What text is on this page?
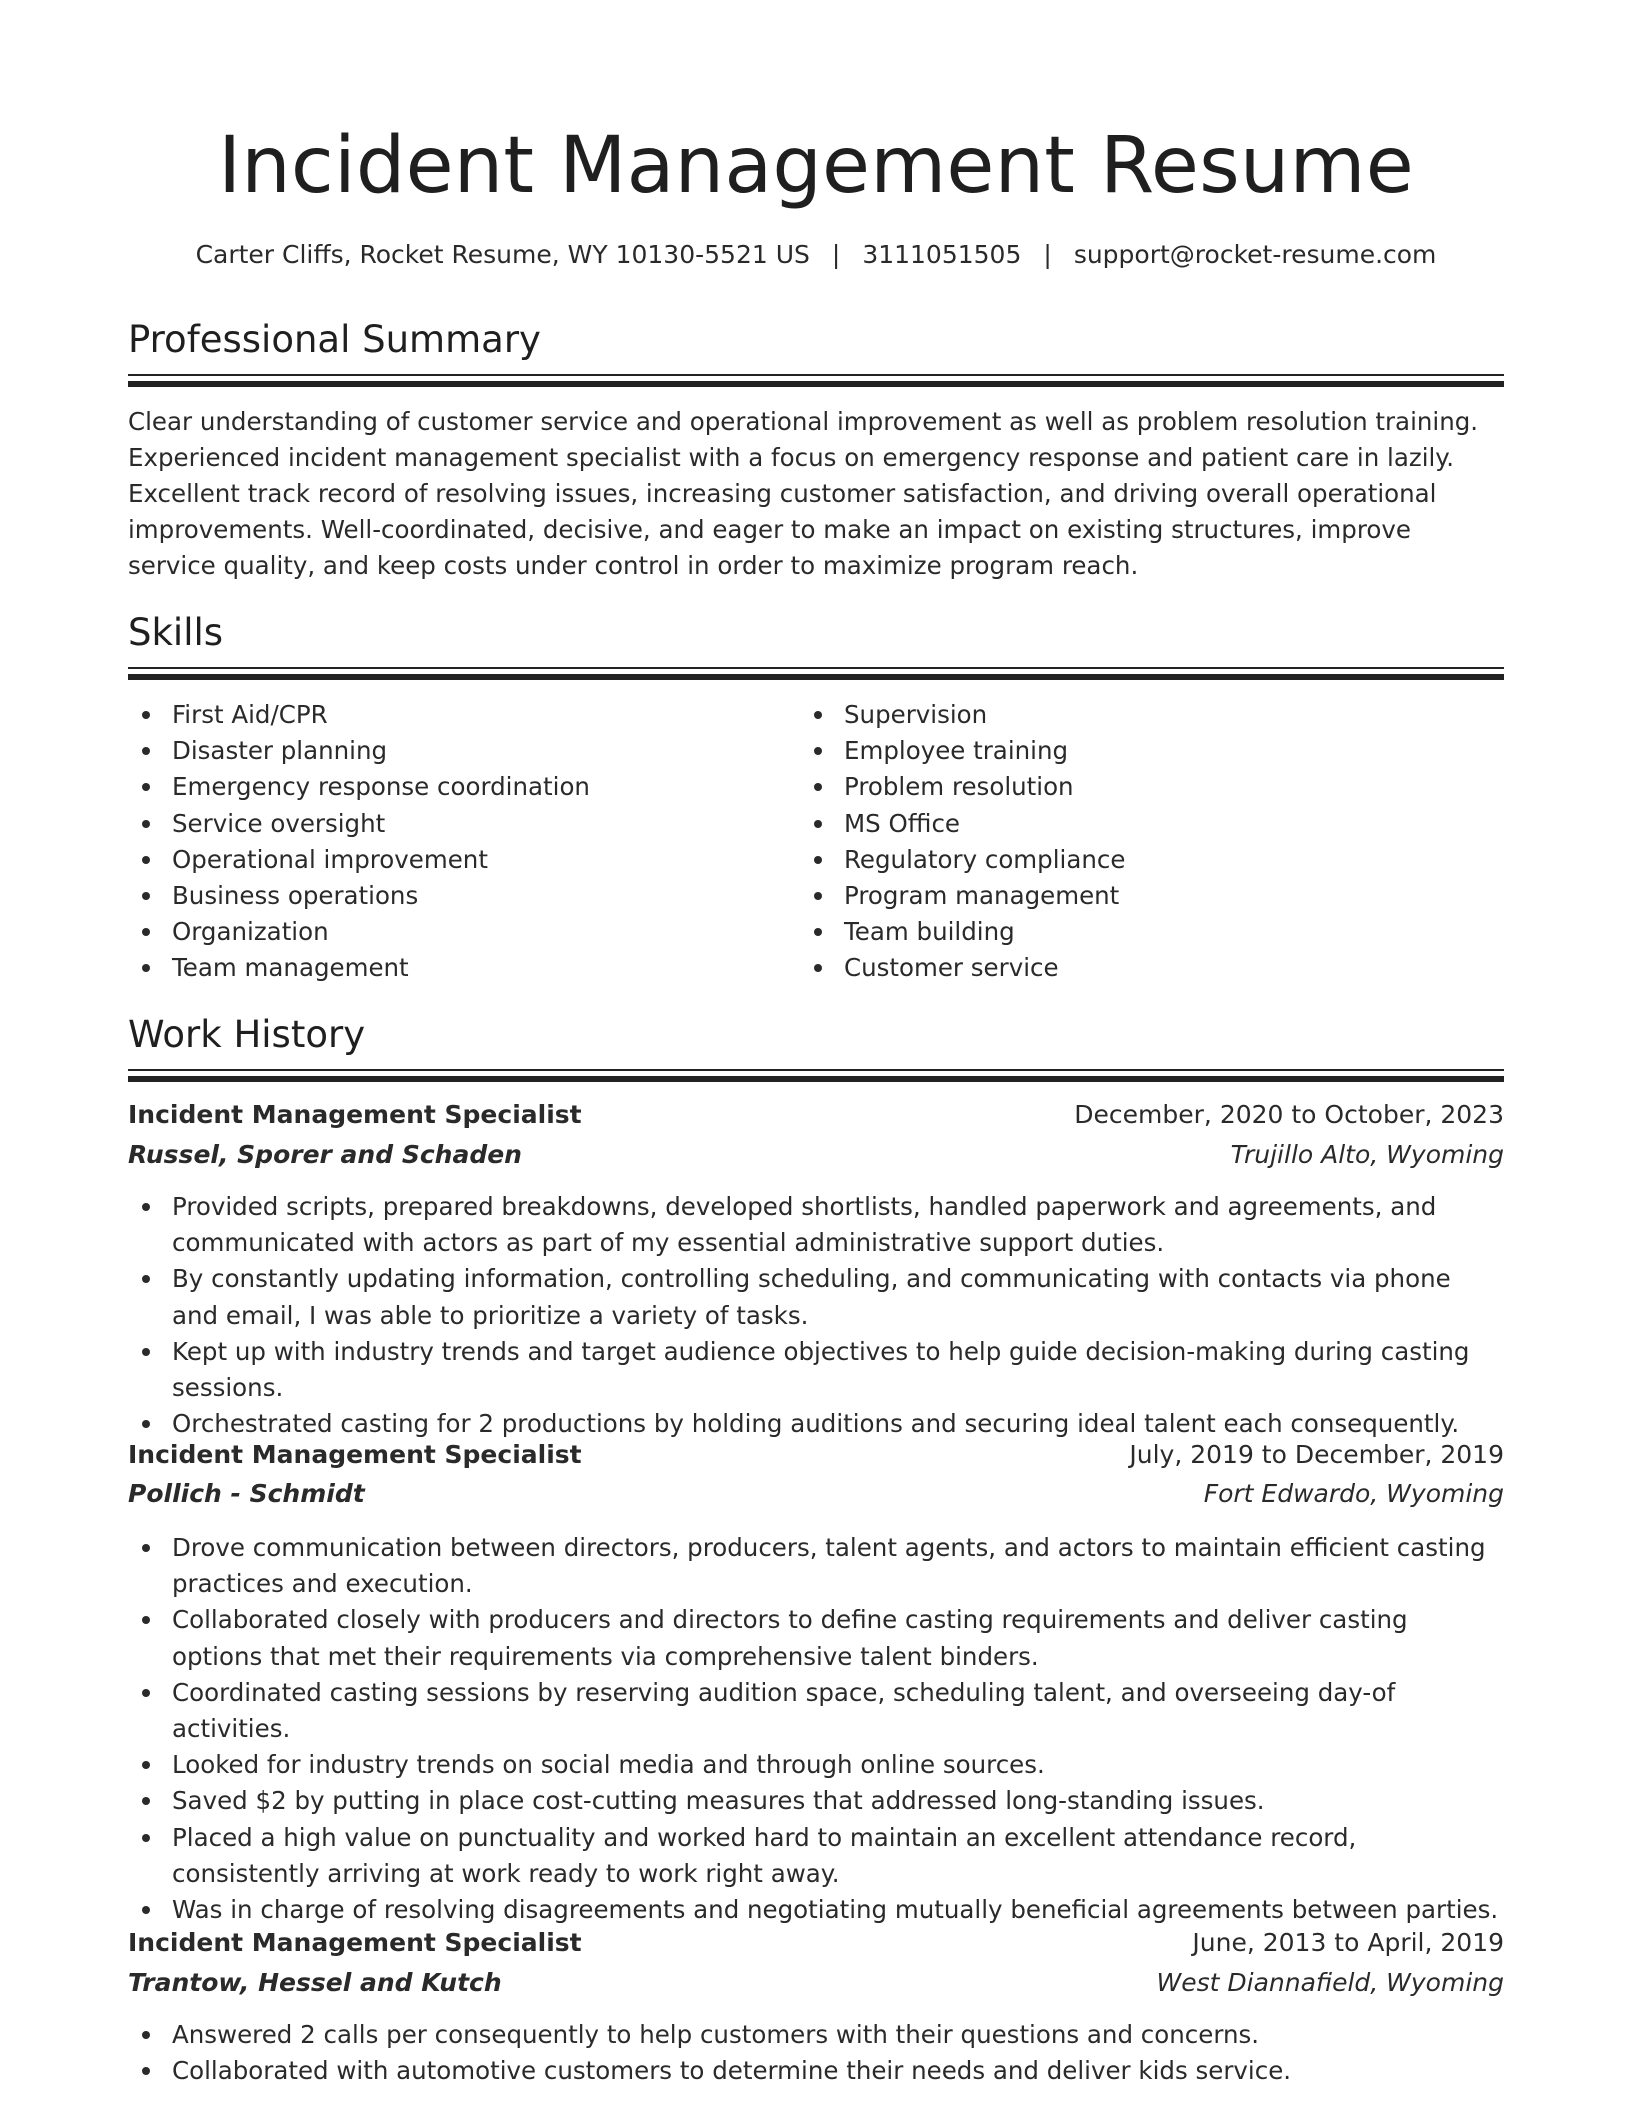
Incident Management Resume
Carter Cliffs, Rocket Resume, WY 10130-5521 US | 3111051505 | support@rocket-resume.com
Professional Summary

Clear understanding of customer service and operational improvement as well as problem resolution training. Experienced incident management specialist with a focus on emergency response and patient care in lazily. Excellent track record of resolving issues, increasing customer satisfaction, and driving overall operational improvements. Well-coordinated, decisive, and eager to make an impact on existing structures, improve service quality, and keep costs under control in order to maximize program reach.

Skills
First Aid/CPR
Disaster planning
Emergency response coordination
Service oversight
Operational improvement
Business operations
Organization
Team management
Supervision
Employee training
Problem resolution
MS Office
Regulatory compliance
Program management
Team building
Customer service
Work History
Incident Management Specialist	December, 2020 to October, 2023
Russel, Sporer and Schaden	Trujillo Alto, Wyoming
Provided scripts, prepared breakdowns, developed shortlists, handled paperwork and agreements, and communicated with actors as part of my essential administrative support duties.
By constantly updating information, controlling scheduling, and communicating with contacts via phone and email, I was able to prioritize a variety of tasks.
Kept up with industry trends and target audience objectives to help guide decision-making during casting sessions.
Orchestrated casting for 2 productions by holding auditions and securing ideal talent each consequently.
Incident Management Specialist	July, 2019 to December, 2019
Pollich - Schmidt	Fort Edwardo, Wyoming
Drove communication between directors, producers, talent agents, and actors to maintain efficient casting practices and execution.
Collaborated closely with producers and directors to define casting requirements and deliver casting options that met their requirements via comprehensive talent binders.
Coordinated casting sessions by reserving audition space, scheduling talent, and overseeing day-of activities.
Looked for industry trends on social media and through online sources.
Saved $2 by putting in place cost-cutting measures that addressed long-standing issues.
Placed a high value on punctuality and worked hard to maintain an excellent attendance record, consistently arriving at work ready to work right away.
Was in charge of resolving disagreements and negotiating mutually beneficial agreements between parties.
Incident Management Specialist	June, 2013 to April, 2019
Trantow, Hessel and Kutch	West Diannafield, Wyoming
Answered 2 calls per consequently to help customers with their questions and concerns.
Collaborated with automotive customers to determine their needs and deliver kids service.
